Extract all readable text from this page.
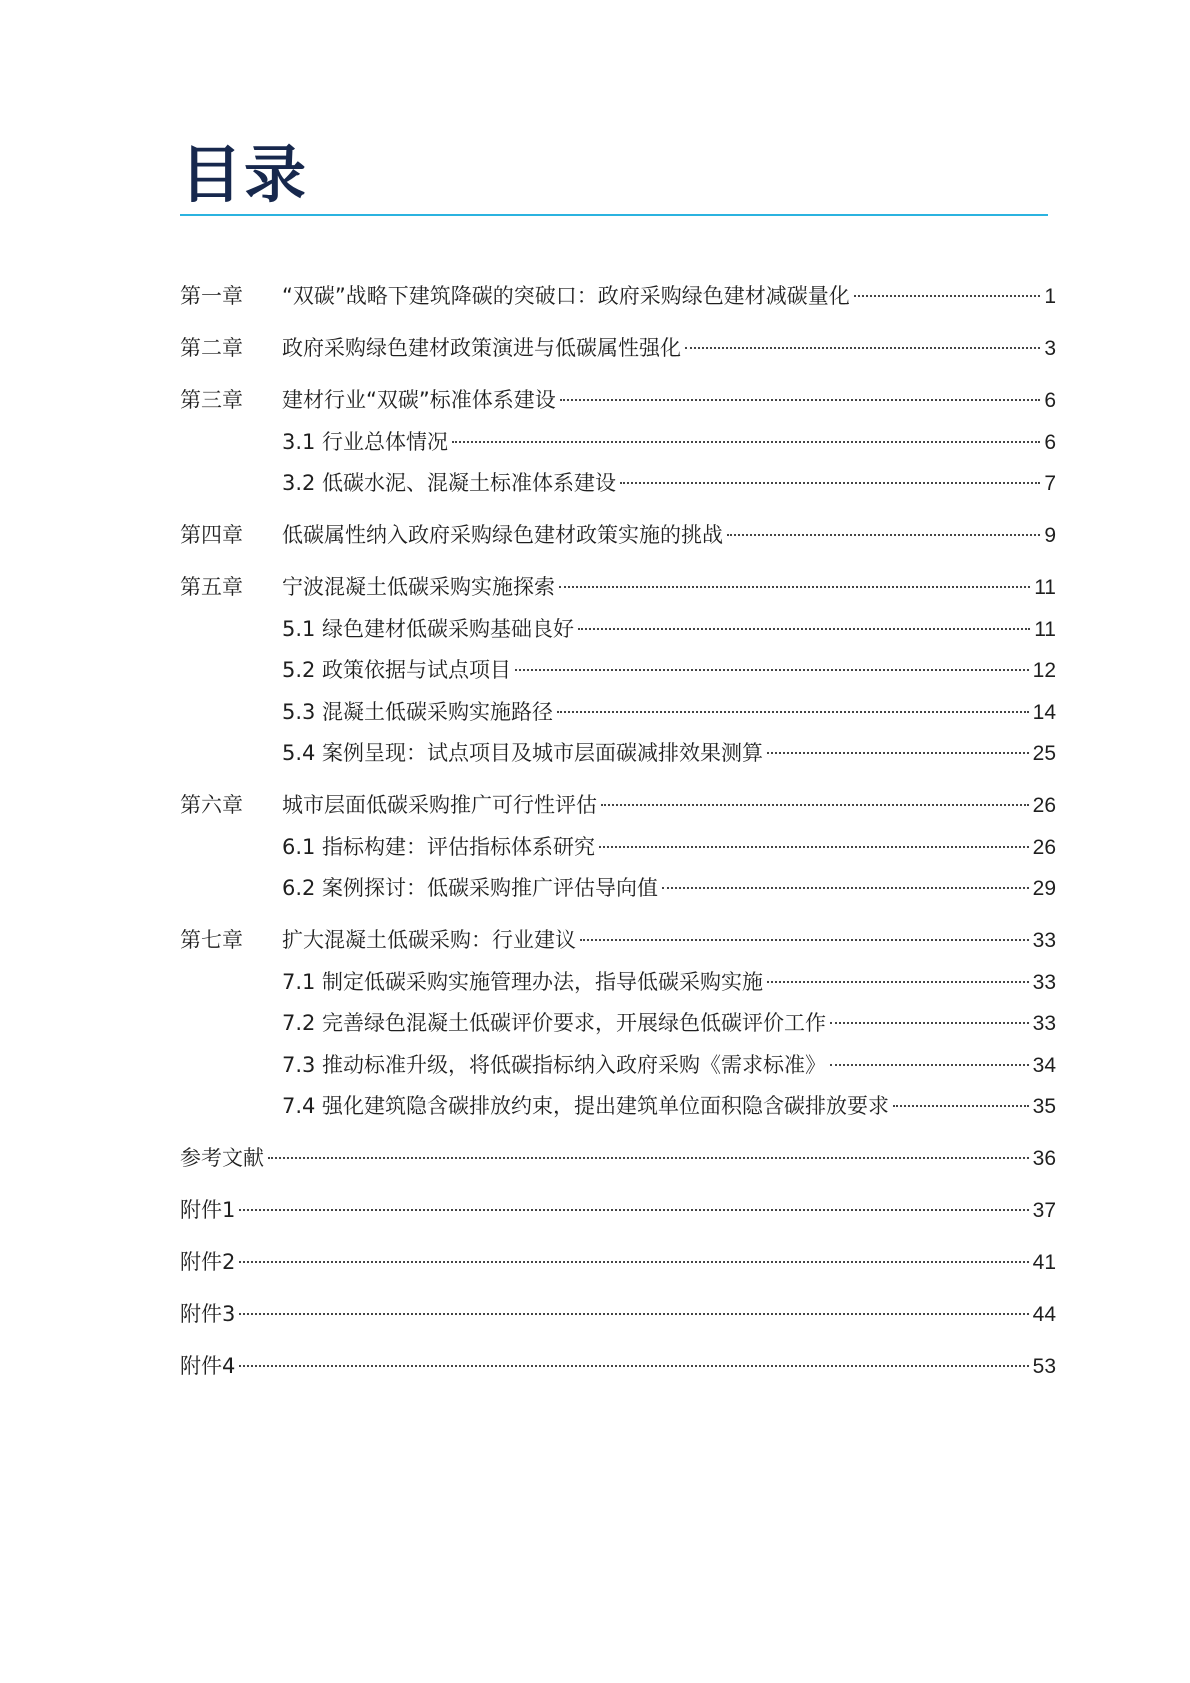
目录
第一章	“双碳”战略下建筑降碳的突破口：政府采购绿色建材减碳量化	1
第二章	政府采购绿色建材政策演进与低碳属性强化	3
第三章	建材行业“双碳”标准体系建设	6
3.1 行业总体情况	6
3.2 低碳水泥、混凝土标准体系建设	7
第四章	低碳属性纳入政府采购绿色建材政策实施的挑战	9
第五章	宁波混凝土低碳采购实施探索	11
5.1 绿色建材低碳采购基础良好	11
5.2 政策依据与试点项目	12
5.3 混凝土低碳采购实施路径	14
5.4 案例呈现：试点项目及城市层面碳减排效果测算	25
第六章	城市层面低碳采购推广可行性评估	26
6.1 指标构建：评估指标体系研究	26
6.2 案例探讨：低碳采购推广评估导向值	29
第七章	扩大混凝土低碳采购：行业建议	33
7.1 制定低碳采购实施管理办法，指导低碳采购实施	33
7.2 完善绿色混凝土低碳评价要求，开展绿色低碳评价工作	33
7.3 推动标准升级，将低碳指标纳入政府采购《需求标准》	34
7.4 强化建筑隐含碳排放约束，提出建筑单位面积隐含碳排放要求	35
参考文献	36
附件1	37
附件2	41
附件3	44
附件4	53
